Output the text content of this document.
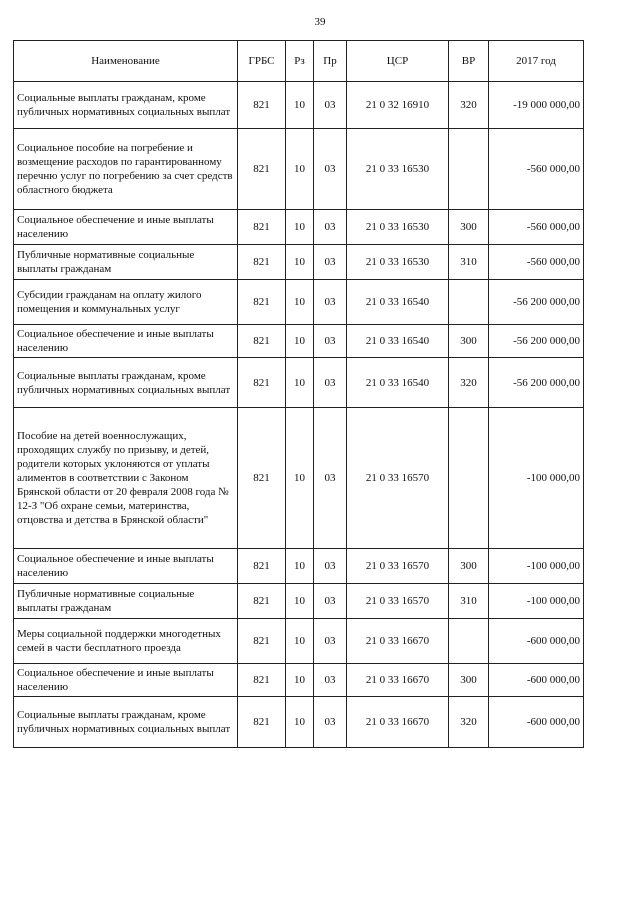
39
Наименование	ГРБС	Рз	Пр	ЦСР	ВР	2017 год
Социальные выплаты гражданам, кроме публичных нормативных социальных выплат	821	10	03	21 0 32 16910	320	-19 000 000,00
Социальное пособие на погребение и возмещение расходов по гарантированному перечню услуг по погребению за счет средств областного бюджета	821	10	03	21 0 33 16530		-560 000,00
Социальное обеспечение и иные выплаты населению	821	10	03	21 0 33 16530	300	-560 000,00
Публичные нормативные социальные выплаты гражданам	821	10	03	21 0 33 16530	310	-560 000,00
Субсидии гражданам на оплату жилого помещения и коммунальных услуг	821	10	03	21 0 33 16540		-56 200 000,00
Социальное обеспечение и иные выплаты населению	821	10	03	21 0 33 16540	300	-56 200 000,00
Социальные выплаты гражданам, кроме публичных нормативных социальных выплат	821	10	03	21 0 33 16540	320	-56 200 000,00
Пособие на детей военнослужащих, проходящих службу по призыву, и детей, родители которых уклоняются от уплаты алиментов в соответствии с Законом Брянской области от 20 февраля 2008 года № 12-З "Об охране семьи, материнства, отцовства и детства в Брянской области"	821	10	03	21 0 33 16570		-100 000,00
Социальное обеспечение и иные выплаты населению	821	10	03	21 0 33 16570	300	-100 000,00
Публичные нормативные социальные выплаты гражданам	821	10	03	21 0 33 16570	310	-100 000,00
Меры социальной поддержки многодетных семей в части бесплатного проезда	821	10	03	21 0 33 16670		-600 000,00
Социальное обеспечение и иные выплаты населению	821	10	03	21 0 33 16670	300	-600 000,00
Социальные выплаты гражданам, кроме публичных нормативных социальных выплат	821	10	03	21 0 33 16670	320	-600 000,00
